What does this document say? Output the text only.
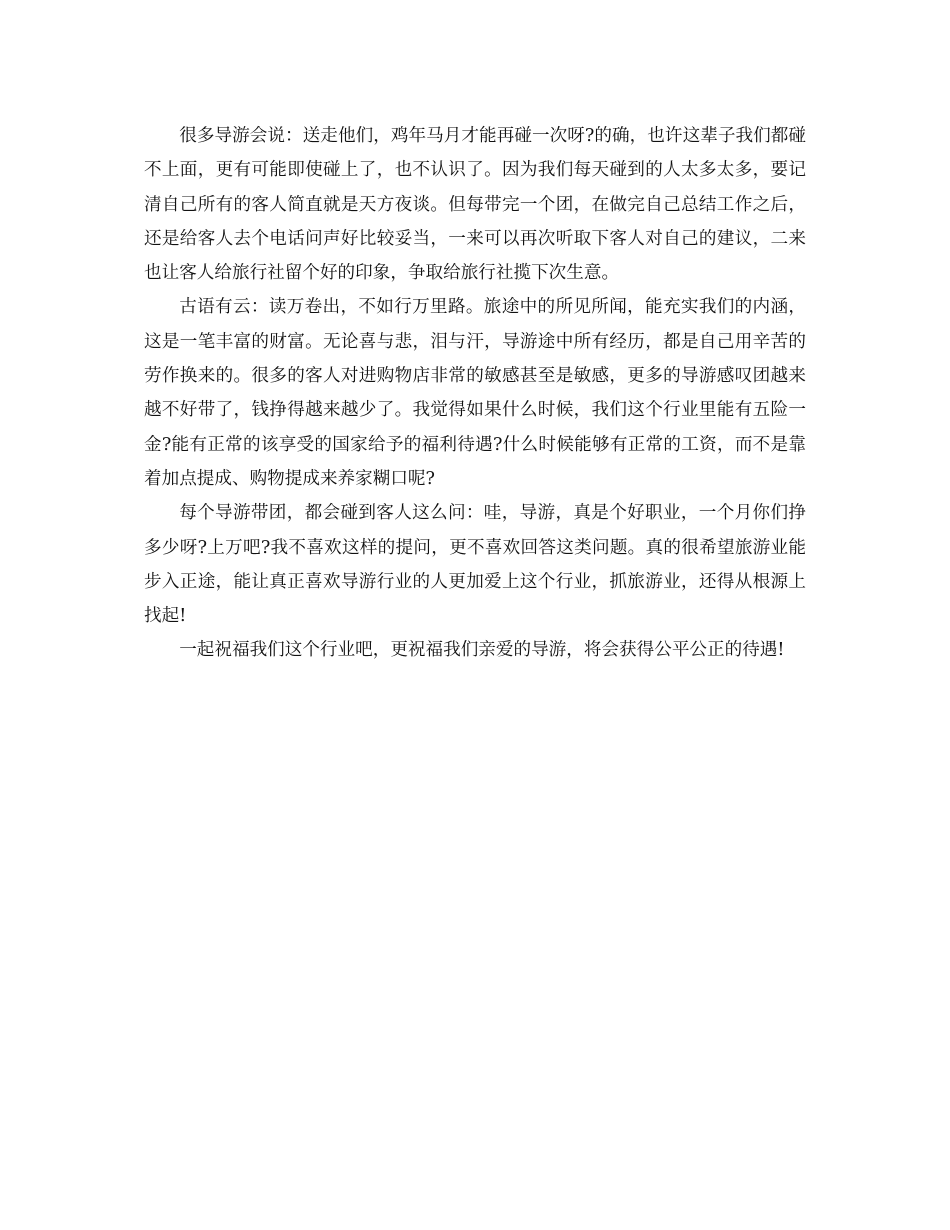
很多导游会说：送走他们，鸡年马月才能再碰一次呀?的确，也许这辈子我们都碰不上面，更有可能即使碰上了，也不认识了。因为我们每天碰到的人太多太多，要记清自己所有的客人简直就是天方夜谈。但每带完一个团，在做完自己总结工作之后，还是给客人去个电话问声好比较妥当，一来可以再次听取下客人对自己的建议，二来也让客人给旅行社留个好的印象，争取给旅行社揽下次生意。

古语有云：读万卷出，不如行万里路。旅途中的所见所闻，能充实我们的内涵，这是一笔丰富的财富。无论喜与悲，泪与汗，导游途中所有经历，都是自己用辛苦的劳作换来的。很多的客人对进购物店非常的敏感甚至是敏感，更多的导游感叹团越来越不好带了，钱挣得越来越少了。我觉得如果什么时候，我们这个行业里能有五险一金?能有正常的该享受的国家给予的福利待遇?什么时候能够有正常的工资，而不是靠着加点提成、购物提成来养家糊口呢?

每个导游带团，都会碰到客人这么问：哇，导游，真是个好职业，一个月你们挣多少呀?上万吧?我不喜欢这样的提问，更不喜欢回答这类问题。真的很希望旅游业能步入正途，能让真正喜欢导游行业的人更加爱上这个行业，抓旅游业，还得从根源上找起!

一起祝福我们这个行业吧，更祝福我们亲爱的导游，将会获得公平公正的待遇!
